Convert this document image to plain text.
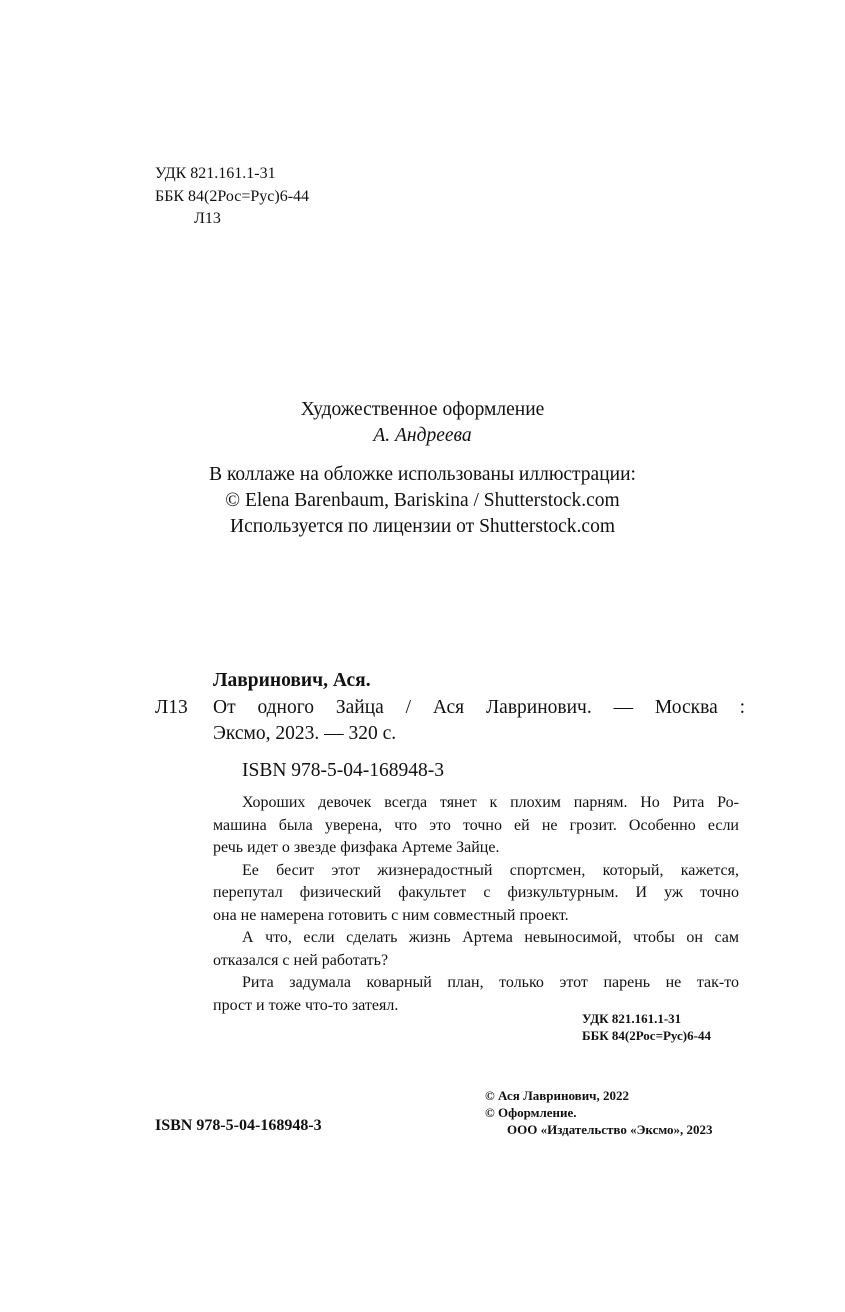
УДК 821.161.1-31
ББК 84(2Рос=Рус)6-44
Л13
Художественное оформление
А. Андреева
В коллаже на обложке использованы иллюстрации:
© Elena Barenbaum, Bariskina / Shutterstock.com
Используется по лицензии от Shutterstock.com
Лавринович, Ася.
Л13 От одного Зайца / Ася Лавринович. — Москва :
Эксмо, 2023. — 320 с.
ISBN 978-5-04-168948-3

Хороших девочек всегда тянет к плохим парням. Но Рита Ро-
машина была уверена, что это точно ей не грозит. Особенно если
речь идет о звезде физфака Артеме Зайце.

Ее бесит этот жизнерадостный спортсмен, который, кажется,
перепутал физический факультет с физкультурным. И уж точно
она не намерена готовить с ним совместный проект.

А что, если сделать жизнь Артема невыносимой, чтобы он сам
отказался с ней работать?

Рита задумала коварный план, только этот парень не так-то
прост и тоже что-то затеял.

УДК 821.161.1-31
ББК 84(2Рос=Рус)6-44
ISBN 978-5-04-168948-3
© Ася Лавринович, 2022
© Оформление.
ООО «Издательство «Эксмо», 2023
